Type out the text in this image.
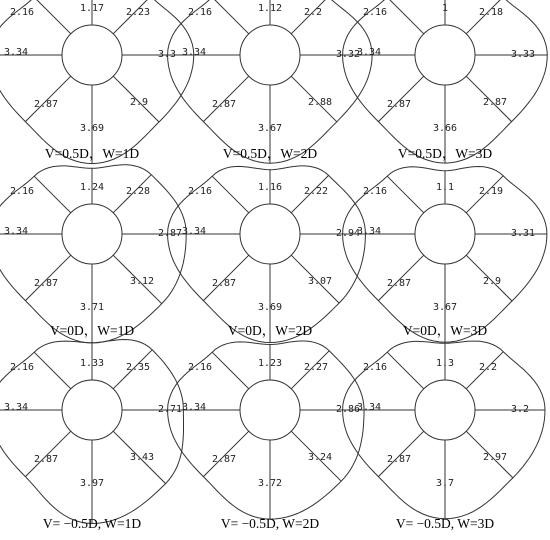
1.17 2.23
3.3
2.9
3.69
2.87
3.34
2.16
V=0.5D，W=1D
1.12 2.2
3.32
2.88
3.67
2.87
3.34
2.16
V=0.5D，W=2D
1	2.18
3.33
2.87
3.66
2.87
3.34
2.16
V=0.5D，W=3D
1.24 2.28
2.87
3.12
3.71
2.87
3.34
2.16
V=0D，W=1D
1.16 2.22
2.94
3.07
3.69
2.87
3.34
2.16
V=0D，W=2D
1.1 2.19
3.31
2.9
3.67
2.87
3.34
2.16
V=0D，W=3D
1.33 2.35
2.71
3.43
3.97
2.87
3.34
2.16
V= −0.5D, W=1D
1.23 2.27
2.86
3.24
3.72
2.87
3.34
2.16
V= −0.5D, W=2D
1.3 2.2
3.2
2.97
3.7
2.87
3.34
2.16
V= −0.5D, W=3D
